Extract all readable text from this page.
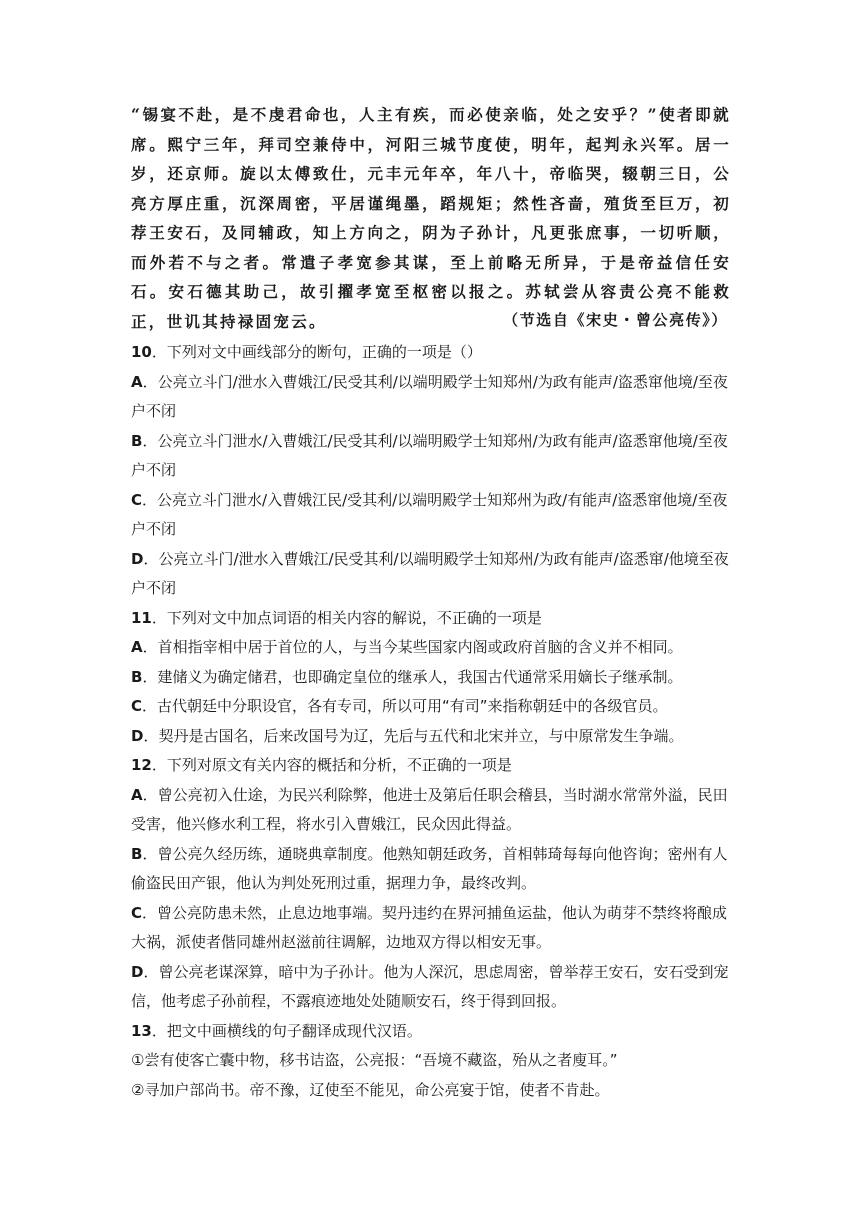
“锡宴不赴，是不虔君命也，人主有疾，而必使亲临，处之安乎？”使者即就席。熙宁三年，拜司空兼侍中，河阳三城节度使，明年，起判永兴军。居一岁，还京师。旋以太傅致仕，元丰元年卒，年八十，帝临哭，辍朝三日，公亮方厚庄重，沉深周密，平居谨绳墨，蹈规矩；然性吝啬，殖货至巨万，初荐王安石，及同辅政，知上方向之，阴为子孙计，凡更张庶事，一切听顺，而外若不与之者。常遣子孝宽参其谋，至上前略无所异，于是帝益信任安石。安石德其助己，故引擢孝宽至枢密以报之。苏轼尝从容责公亮不能救正，世讥其持禄固宠云。	（节选自《宋史・曾公亮传》）

10．下列对文中画线部分的断句，正确的一项是（）

A．公亮立斗门/泄水入曹娥江/民受其利/以端明殿学士知郑州/为政有能声/盗悉窜他境/至夜户不闭

B．公亮立斗门泄水/入曹娥江/民受其利/以端明殿学士知郑州/为政有能声/盗悉窜他境/至夜户不闭

C．公亮立斗门泄水/入曹娥江民/受其利/以端明殿学士知郑州为政/有能声/盗悉窜他境/至夜户不闭

D．公亮立斗门/泄水入曹娥江/民受其利/以端明殿学士知郑州/为政有能声/盗悉窜/他境至夜户不闭

11．下列对文中加点词语的相关内容的解说，不正确的一项是

A．首相指宰相中居于首位的人，与当今某些国家内阁或政府首脑的含义并不相同。

B．建储义为确定储君，也即确定皇位的继承人，我国古代通常采用嫡长子继承制。

C．古代朝廷中分职设官，各有专司，所以可用“有司”来指称朝廷中的各级官员。

D．契丹是古国名，后来改国号为辽，先后与五代和北宋并立，与中原常发生争端。

12．下列对原文有关内容的概括和分析，不正确的一项是

A．曾公亮初入仕途，为民兴利除弊，他进士及第后任职会稽县，当时湖水常常外溢，民田受害，他兴修水利工程，将水引入曹娥江，民众因此得益。

B．曾公亮久经历练，通晓典章制度。他熟知朝廷政务，首相韩琦每每向他咨询；密州有人偷盗民田产银，他认为判处死刑过重，据理力争，最终改判。

C．曾公亮防患未然，止息边地事端。契丹违约在界河捕鱼运盐，他认为萌芽不禁终将酿成大祸，派使者偕同雄州赵滋前往调解，边地双方得以相安无事。

D．曾公亮老谋深算，暗中为子孙计。他为人深沉，思虑周密，曾举荐王安石，安石受到宠信，他考虑子孙前程，不露痕迹地处处随顺安石，终于得到回报。

13．把文中画横线的句子翻译成现代汉语。

①尝有使客亡囊中物，移书诘盗，公亮报：“吾境不藏盗，殆从之者廋耳。”

②寻加户部尚书。帝不豫，辽使至不能见，命公亮宴于馆，使者不肯赴。
